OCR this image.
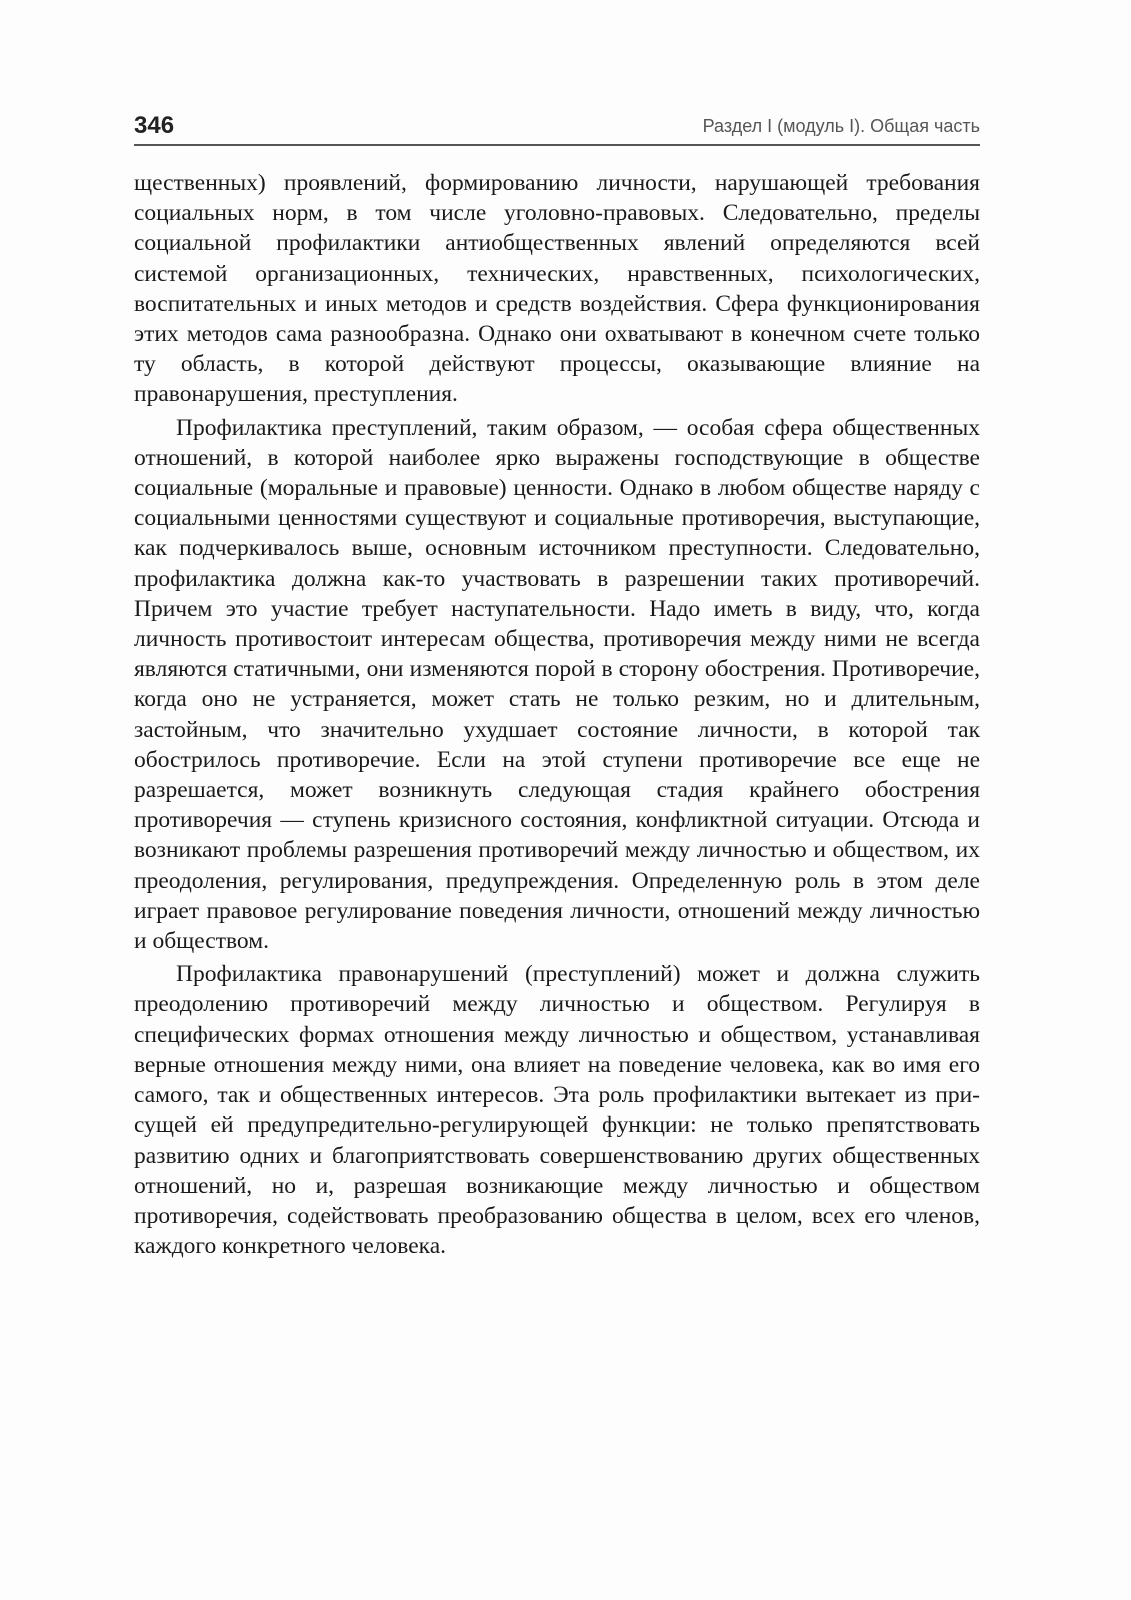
346	Раздел I (модуль I). Общая часть

щественных) проявлений, формированию личности, нарушающей требования социальных норм, в том числе уголовно-правовых. Следовательно, пределы социальной профилактики антиобщественных явлений определяются всей системой организационных, технических, нравственных, психологических, воспитательных и иных методов и средств воздействия. Сфера функционирования этих методов сама разнообразна. Однако они охватывают в конечном счете только ту область, в которой действуют процессы, оказывающие влияние на правонарушения, преступления.

Профилактика преступлений, таким образом, — особая сфера общественных отношений, в которой наиболее ярко выражены господствующие в обществе социальные (моральные и правовые) ценности. Однако в любом обществе наряду с социальными ценностями существуют и социальные противоречия, выступающие, как подчеркивалось выше, основным источником преступности. Следовательно, профилактика должна как-то участвовать в разрешении таких противоречий. Причем это участие требует наступательности. Надо иметь в виду, что, когда личность противостоит интересам общества, противоречия между ними не всегда являются статичными, они изменяются порой в сторону обострения. Противоречие, когда оно не устраняется, может стать не только резким, но и длительным, застойным, что значительно ухудшает состояние личности, в которой так обострилось противоречие. Если на этой ступени противоречие все еще не разрешается, может возникнуть следующая стадия крайнего обострения противоречия — ступень кризисного состояния, конфликтной ситуации. Отсюда и возникают проблемы разрешения противоречий между личностью и обществом, их преодоления, регулирования, предупреждения. Определенную роль в этом деле играет правовое регулирование поведения личности, отношений между личностью и обществом.

Профилактика правонарушений (преступлений) может и должна служить преодолению противоречий между личностью и обществом. Регулируя в специфических формах отношения между личностью и обществом, устанавливая верные отношения между ними, она влияет на поведение человека, как во имя его самого, так и общественных интересов. Эта роль профилактики вытекает из присущей ей предупредительно-регулирующей функции: не только препятствовать развитию одних и благоприятствовать совершенствованию других общественных отношений, но и, разрешая возникающие между личностью и обществом противоречия, содействовать преобразованию общества в целом, всех его членов, каждого конкретного человека.
